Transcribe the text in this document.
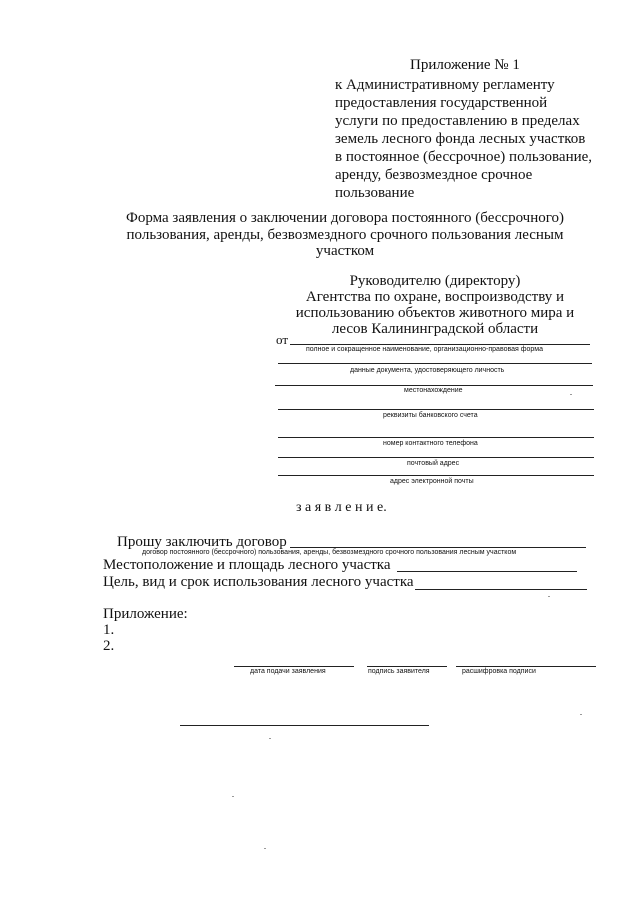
Приложение № 1
к Административному регламенту
предоставления государственной
услуги по предоставлению в пределах
земель лесного фонда лесных участков
в постоянное (бессрочное) пользование,
аренду, безвозмездное срочное
пользование
Форма заявления о заключении договора постоянного (бессрочного)
пользования, аренды, безвозмездного срочного пользования лесным
участком
Руководителю (директору)
Агентства по охране, воспроизводству и
использованию объектов животного мира и
лесов Калининградской области
от
полное и сокращенное наименование, организационно-правовая форма
данные документа, удостоверяющего личность
местонахождение
реквизиты банковского счета
номер контактного телефона
почтовый адрес
адрес электронной почты
з а я в л е н и е.
Прошу заключить договор
договор постоянного (бессрочного) пользования, аренды, безвозмездного срочного пользования лесным участком
Местоположение и площадь лесного участка
Цель, вид и срок использования лесного участка
Приложение:
1.
2.
дата подачи заявления	подпись заявителя	расшифровка подписи
